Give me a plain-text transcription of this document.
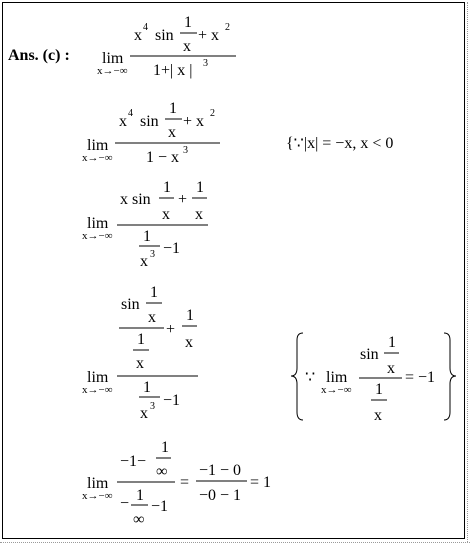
Ans. (c) : lim
x→−∞
x 4 sin
1
x
+ x 2
1+| x | 3
lim
x→−∞
x 4 sin
1
x
+ x 2
1 − x 3	{∵|x| = −x, x < 0
lim
x→−∞
x sin
1
x
+
1
x
1
x 3 −1
lim
x→−∞
sin
1
x
1
x
+
1
x
1
x 3 −1
∵ lim
x→−∞
sin
1
x
1
x
= −1
lim
x→−∞
−1−
1
∞
− 1
∞
−1
=
−1 − 0
−0 − 1
= 1
